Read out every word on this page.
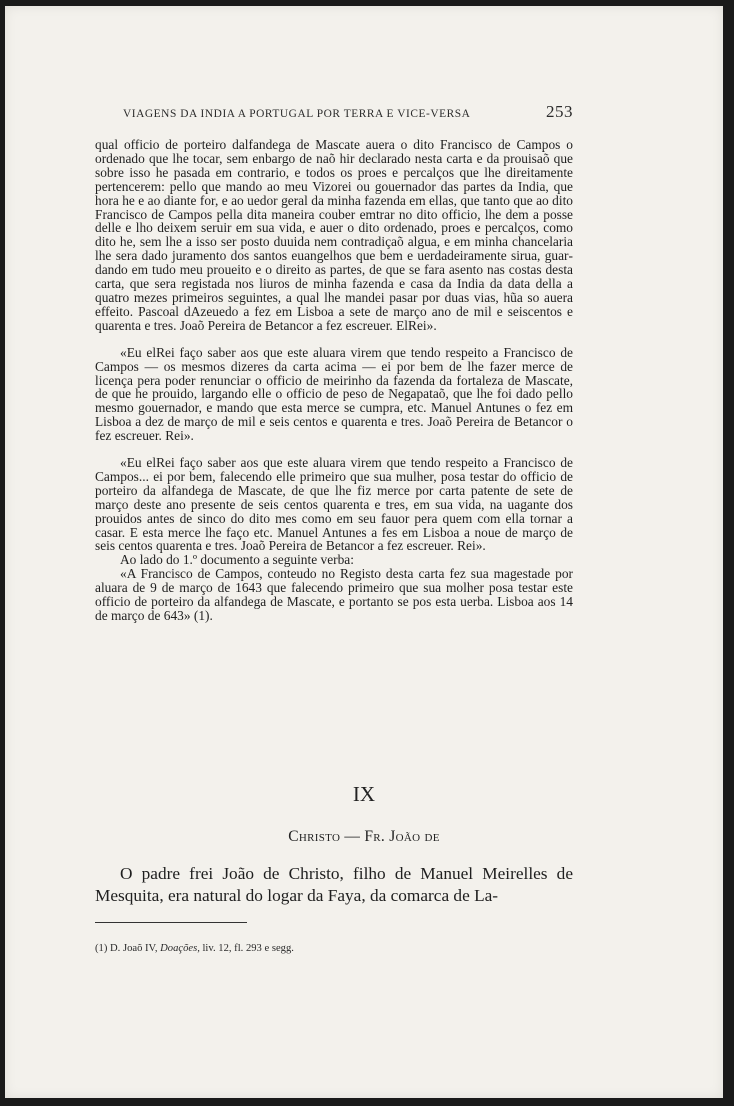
VIAGENS DA INDIA A PORTUGAL POR TERRA E VICE-VERSA	253

qual officio de porteiro dalfandega de Mascate auera o dito Francisco de Campos o ordenado que lhe tocar, sem enbargo de naõ hir declarado nesta carta e da prouisaõ que sobre isso he pasada em contrario, e todos os proes e percalços que lhe direitamente pertencerem: pello que mando ao meu Vizorei ou gouernador das partes da India, que hora he e ao diante for, e ao uedor geral da minha fazenda em ellas, que tanto que ao dito Francisco de Campos pella dita maneira couber emtrar no dito officio, lhe dem a posse delle e lho deixem seruir em sua vida, e auer o dito ordenado, proes e percalços, como dito he, sem lhe a isso ser posto duuida nem contradiçaõ algua, e em minha chancelaria lhe sera dado juramento dos santos euangelhos que bem e uerdadeiramente sirua, guardando em tudo meu proueito e o direito as partes, de que se fara asento nas costas desta carta, que sera registada nos liuros de minha fazenda e casa da India da data della a quatro mezes primeiros seguintes, a qual lhe mandei pasar por duas vias, hũa so auera effeito. Pascoal dAzeuedo a fez em Lisboa a sete de março ano de mil e seiscentos e quarenta e tres. Joaõ Pereira de Betancor a fez escreuer. ElRei».

«Eu elRei faço saber aos que este aluara virem que tendo respeito a Francisco de Campos — os mesmos dizeres da carta acima — ei por bem de lhe fazer merce de licença pera poder renunciar o officio de meirinho da fazenda da fortaleza de Mascate, de que he prouido, largando elle o officio de peso de Negapataõ, que lhe foi dado pello mesmo gouernador, e mando que esta merce se cumpra, etc. Manuel Antunes o fez em Lisboa a dez de março de mil e seis centos e quarenta e tres. Joaõ Pereira de Betancor o fez escreuer. Rei».

«Eu elRei faço saber aos que este aluara virem que tendo respeito a Francisco de Campos... ei por bem, falecendo elle primeiro que sua mulher, posa testar do officio de porteiro da alfandega de Mascate, de que lhe fiz merce por carta patente de sete de março deste ano presente de seis centos quarenta e tres, em sua vida, na uagante dos prouidos antes de sinco do dito mes como em seu fauor pera quem com ella tornar a casar. E esta merce lhe faço etc. Manuel Antunes a fes em Lisboa a noue de março de seis centos quarenta e tres. Joaõ Pereira de Betancor a fez escreuer. Rei».

Ao lado do 1.º documento a seguinte verba:

«A Francisco de Campos, conteudo no Registo desta carta fez sua magestade por aluara de 9 de março de 1643 que falecendo primeiro que sua molher posa testar este officio de porteiro da alfandega de Mascate, e portanto se pos esta uerba. Lisboa aos 14 de março de 643» (1).

IX
Christo — Fr. João de

O padre frei João de Christo, filho de Manuel Meirelles de Mesquita, era natural do logar da Faya, da comarca de La-

(1) D. Joaõ IV, Doações, liv. 12, fl. 293 e segg.
